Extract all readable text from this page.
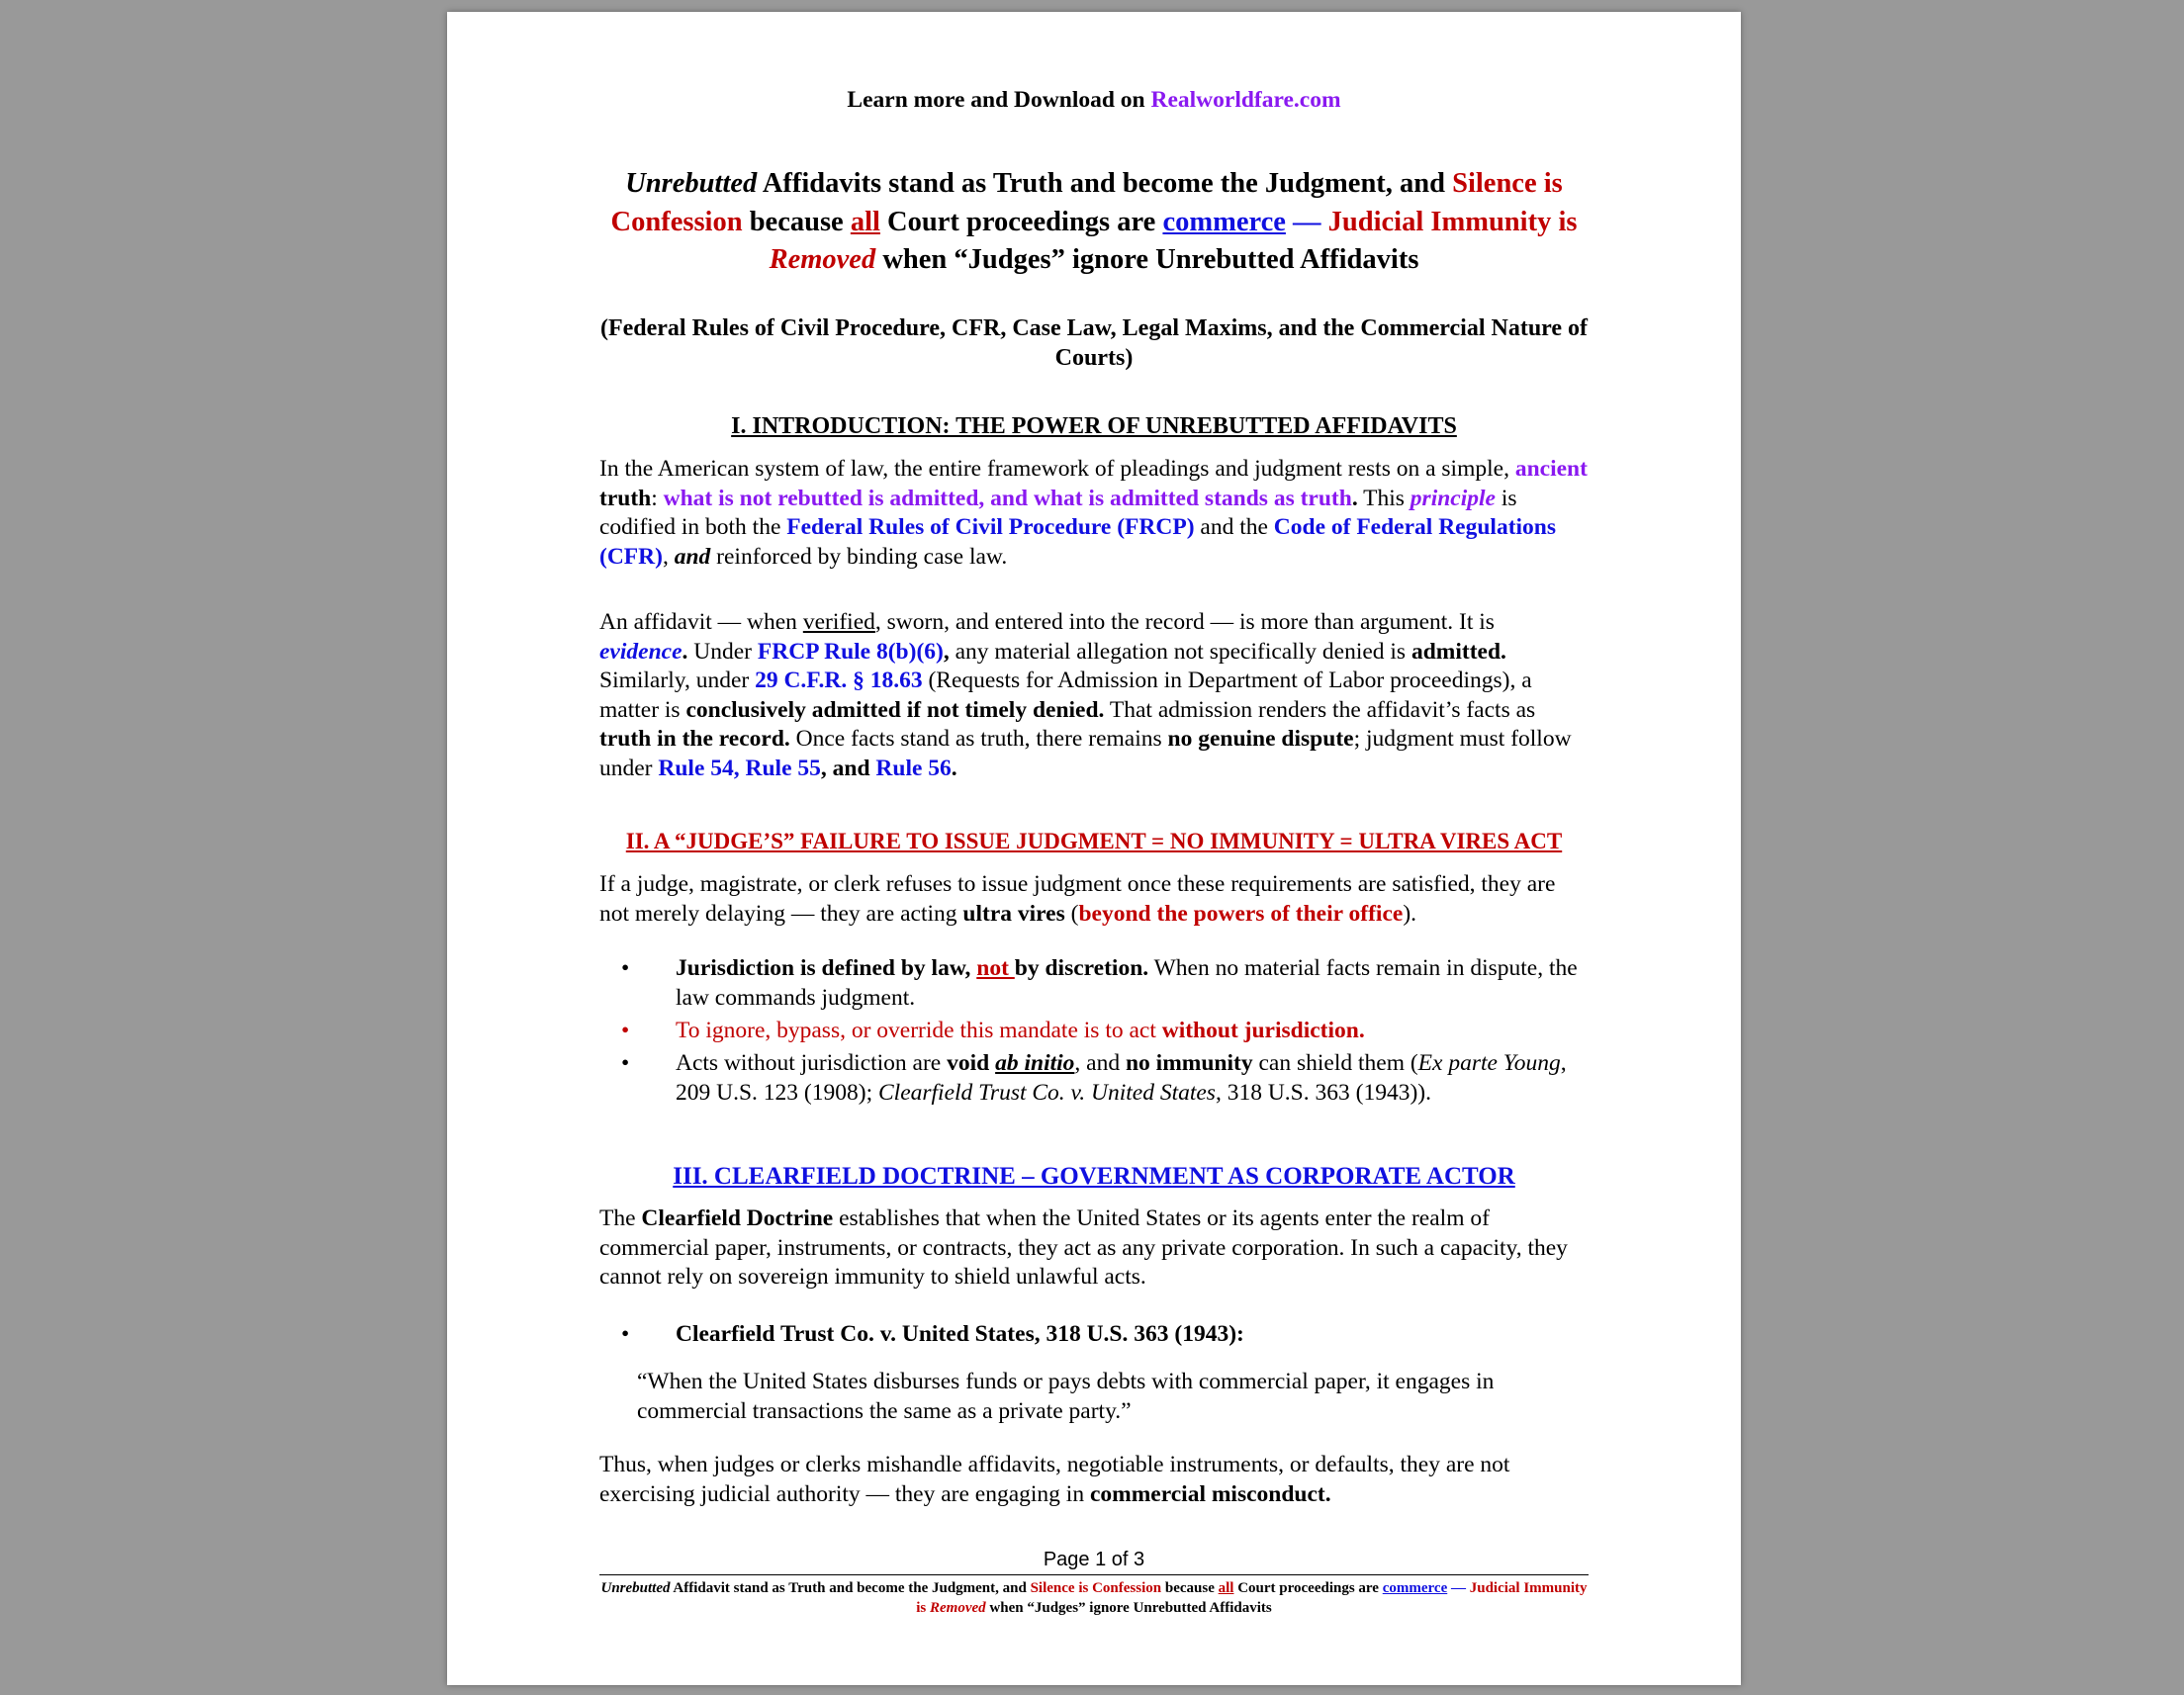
Learn more and Download on Realworldfare.com
Unrebutted Affidavits stand as Truth and become the Judgment, and Silence is Confession because all Court proceedings are commerce — Judicial Immunity is Removed when “Judges” ignore Unrebutted Affidavits
(Federal Rules of Civil Procedure, CFR, Case Law, Legal Maxims, and the Commercial Nature of Courts)
I. INTRODUCTION: THE POWER OF UNREBUTTED AFFIDAVITS
In the American system of law, the entire framework of pleadings and judgment rests on a simple, ancient truth: what is not rebutted is admitted, and what is admitted stands as truth. This principle is codified in both the Federal Rules of Civil Procedure (FRCP) and the Code of Federal Regulations (CFR), and reinforced by binding case law.
An affidavit — when verified, sworn, and entered into the record — is more than argument. It is evidence. Under FRCP Rule 8(b)(6), any material allegation not specifically denied is admitted. Similarly, under 29 C.F.R. § 18.63 (Requests for Admission in Department of Labor proceedings), a matter is conclusively admitted if not timely denied. That admission renders the affidavit’s facts as truth in the record. Once facts stand as truth, there remains no genuine dispute; judgment must follow under Rule 54, Rule 55, and Rule 56.
II. A “JUDGE’S” FAILURE TO ISSUE JUDGMENT = NO IMMUNITY = ULTRA VIRES ACT
If a judge, magistrate, or clerk refuses to issue judgment once these requirements are satisfied, they are not merely delaying — they are acting ultra vires (beyond the powers of their office).
• Jurisdiction is defined by law, not by discretion. When no material facts remain in dispute, the law commands judgment.
• To ignore, bypass, or override this mandate is to act without jurisdiction.
• Acts without jurisdiction are void ab initio, and no immunity can shield them (Ex parte Young, 209 U.S. 123 (1908); Clearfield Trust Co. v. United States, 318 U.S. 363 (1943)).
III. CLEARFIELD DOCTRINE – GOVERNMENT AS CORPORATE ACTOR
The Clearfield Doctrine establishes that when the United States or its agents enter the realm of commercial paper, instruments, or contracts, they act as any private corporation. In such a capacity, they cannot rely on sovereign immunity to shield unlawful acts.
• Clearfield Trust Co. v. United States, 318 U.S. 363 (1943):
“When the United States disburses funds or pays debts with commercial paper, it engages in commercial transactions the same as a private party.”
Thus, when judges or clerks mishandle affidavits, negotiable instruments, or defaults, they are not exercising judicial authority — they are engaging in commercial misconduct.
Page 1 of 3
Unrebutted Affidavit stand as Truth and become the Judgment, and Silence is Confession because all Court proceedings are commerce — Judicial Immunity is Removed when “Judges” ignore Unrebutted Affidavits
